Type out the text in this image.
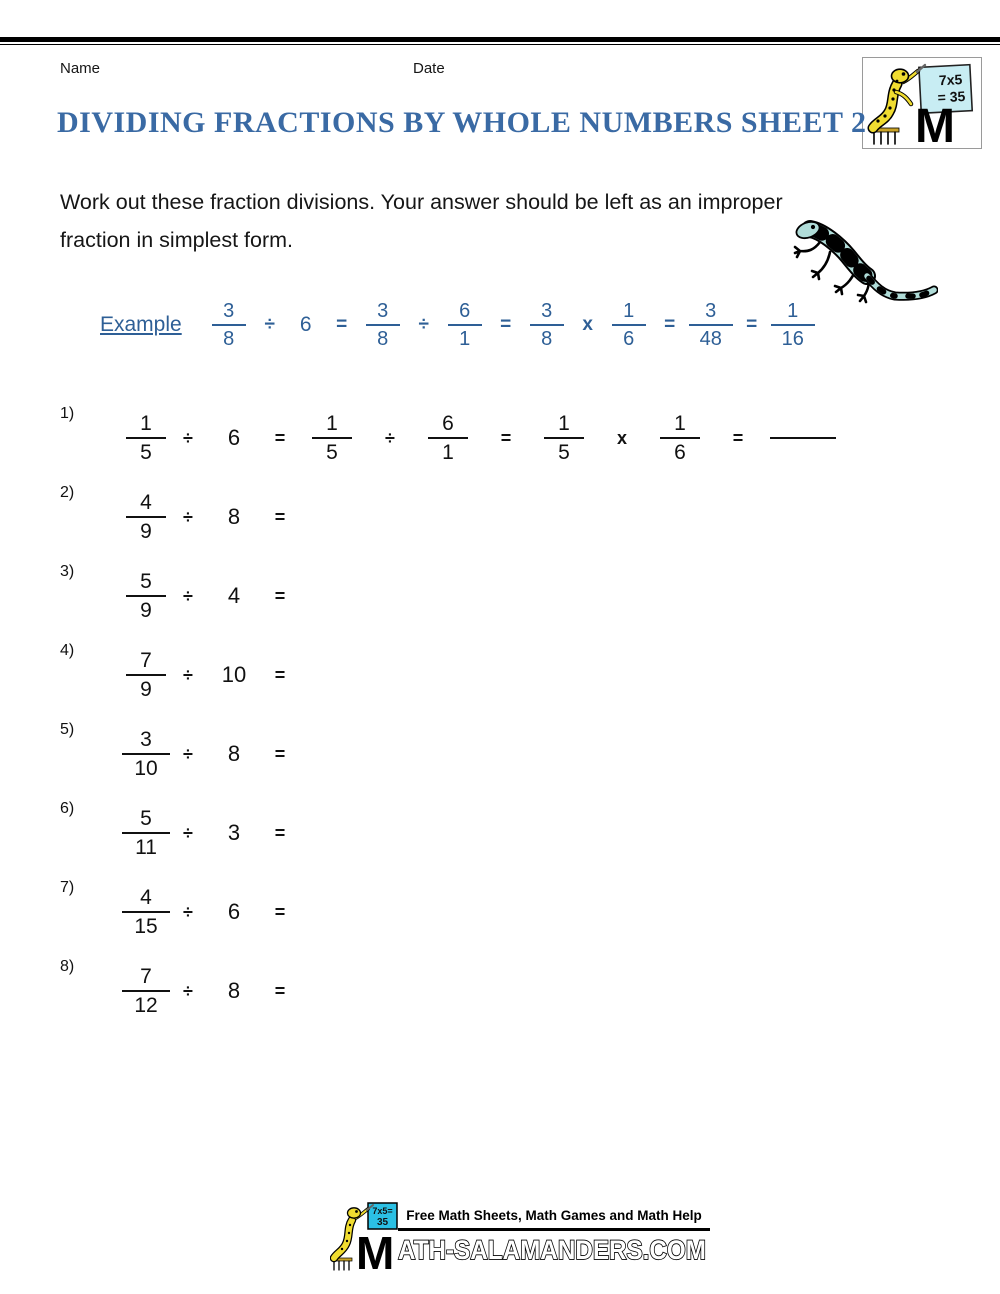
Name	Date
7x5
= 35
M
DIVIDING FRACTIONS BY WHOLE NUMBERS SHEET 2
Work out these fraction divisions. Your answer should be left as an improper
fraction in simplest form.
Example $\frac{3}{8}$ ÷	6	= $\frac{3}{8} \div \frac{6}{1} = \frac{3}{8}$ x $\frac{1}{6} = \frac{3}{48} = \frac{1}{16}$
1)	$\frac{1}{5}$ ÷	6	= $\frac{1}{5}$	÷	$\frac{6}{1}$	=	$\frac{1}{5}$	x	$\frac{1}{6}$	=
2)	$\frac{4}{9}$ ÷	8	=
3)	$\frac{5}{9}$ ÷	4	=
4)	$\frac{7}{9}$ ÷	10	=
5)	$\frac{3}{10}$ ÷	8	=
6)	$\frac{5}{11}$ ÷	3	=
7)	$\frac{4}{15}$ ÷	6	=
8)	$\frac{7}{12}$ ÷	8	=
7x5=
35
M
Free Math Sheets, Math Games and Math Help
ATH-SALAMANDERS.COM
